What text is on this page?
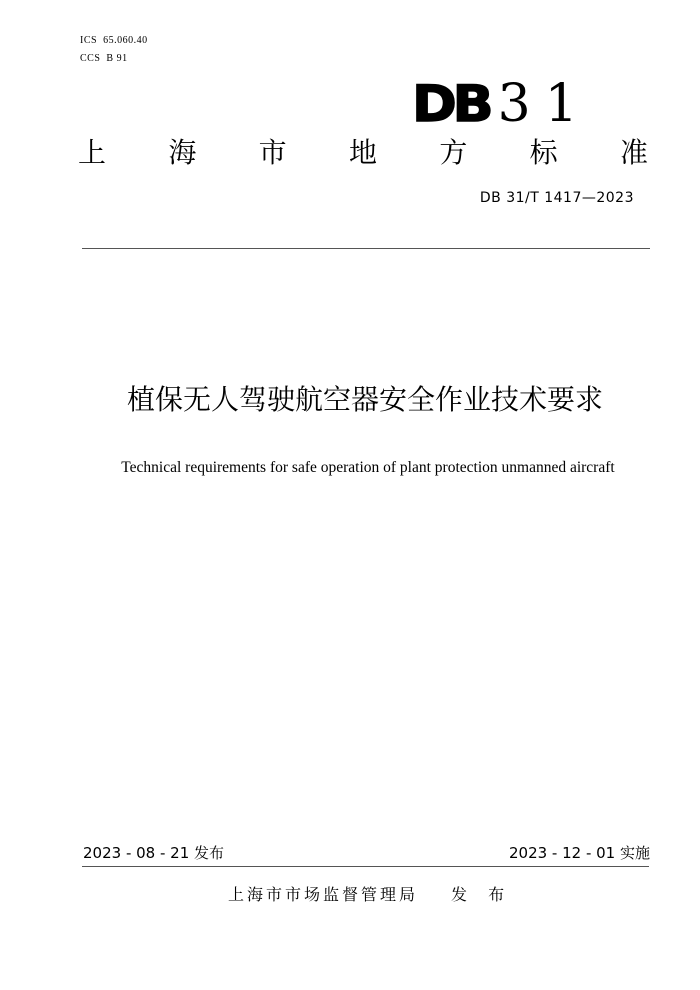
ICS 65.060.40
CCS B 91
DB 31
上 海 市 地 方 标 准
DB 31/T 1417—2023
植保无人驾驶航空器安全作业技术要求
Technical requirements for safe operation of plant protection unmanned aircraft
2023 - 08 - 21 发布	2023 - 12 - 01 实施
上海市市场监督管理局 发 布
